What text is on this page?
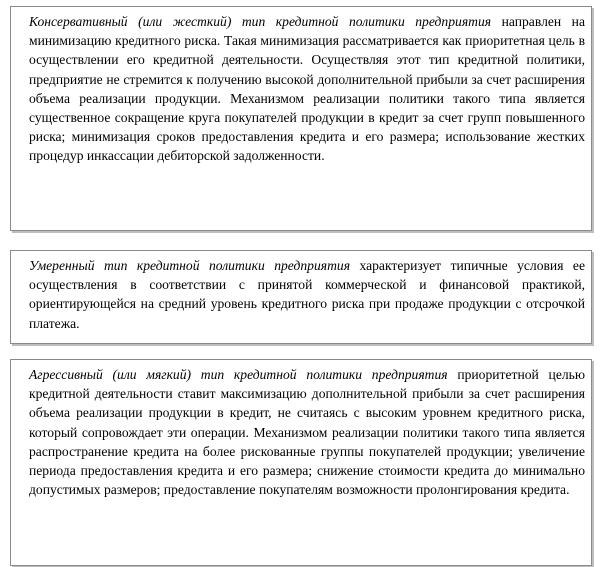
Консервативный (или жесткий) тип кредитной политики предприятия направлен на минимизацию кредитного риска. Такая минимизация рассматривается как приоритетная цель в осуществлении его кредитной деятельности. Осуществляя этот тип кредитной политики, предприятие не стремится к получению высокой дополнительной прибыли за счет расширения объема реализации продукции. Механизмом реализации политики такого типа является существенное сокращение круга покупателей продукции в кредит за счет групп повышенного риска; минимизация сроков предоставления кредита и его размера; использование жестких процедур инкассации дебиторской задолженности.

Умеренный тип кредитной политики предприятия характеризует типичные условия ее осуществления в соответствии с принятой коммерческой и финансовой практикой, ориентирующейся на средний уровень кредитного риска при продаже продукции с отсрочкой платежа.

Агрессивный (или мягкий) тип кредитной политики предприятия приоритетной целью кредитной деятельности ставит максимизацию дополнительной прибыли за счет расширения объема реализации продукции в кредит, не считаясь с высоким уровнем кредитного риска, который сопровождает эти операции. Механизмом реализации политики такого типа является распространение кредита на более рискованные группы покупателей продукции; увеличение периода предоставления кредита и его размера; снижение стоимости кредита до минимально допустимых размеров; предоставление покупателям возможности пролонгирования кредита.
